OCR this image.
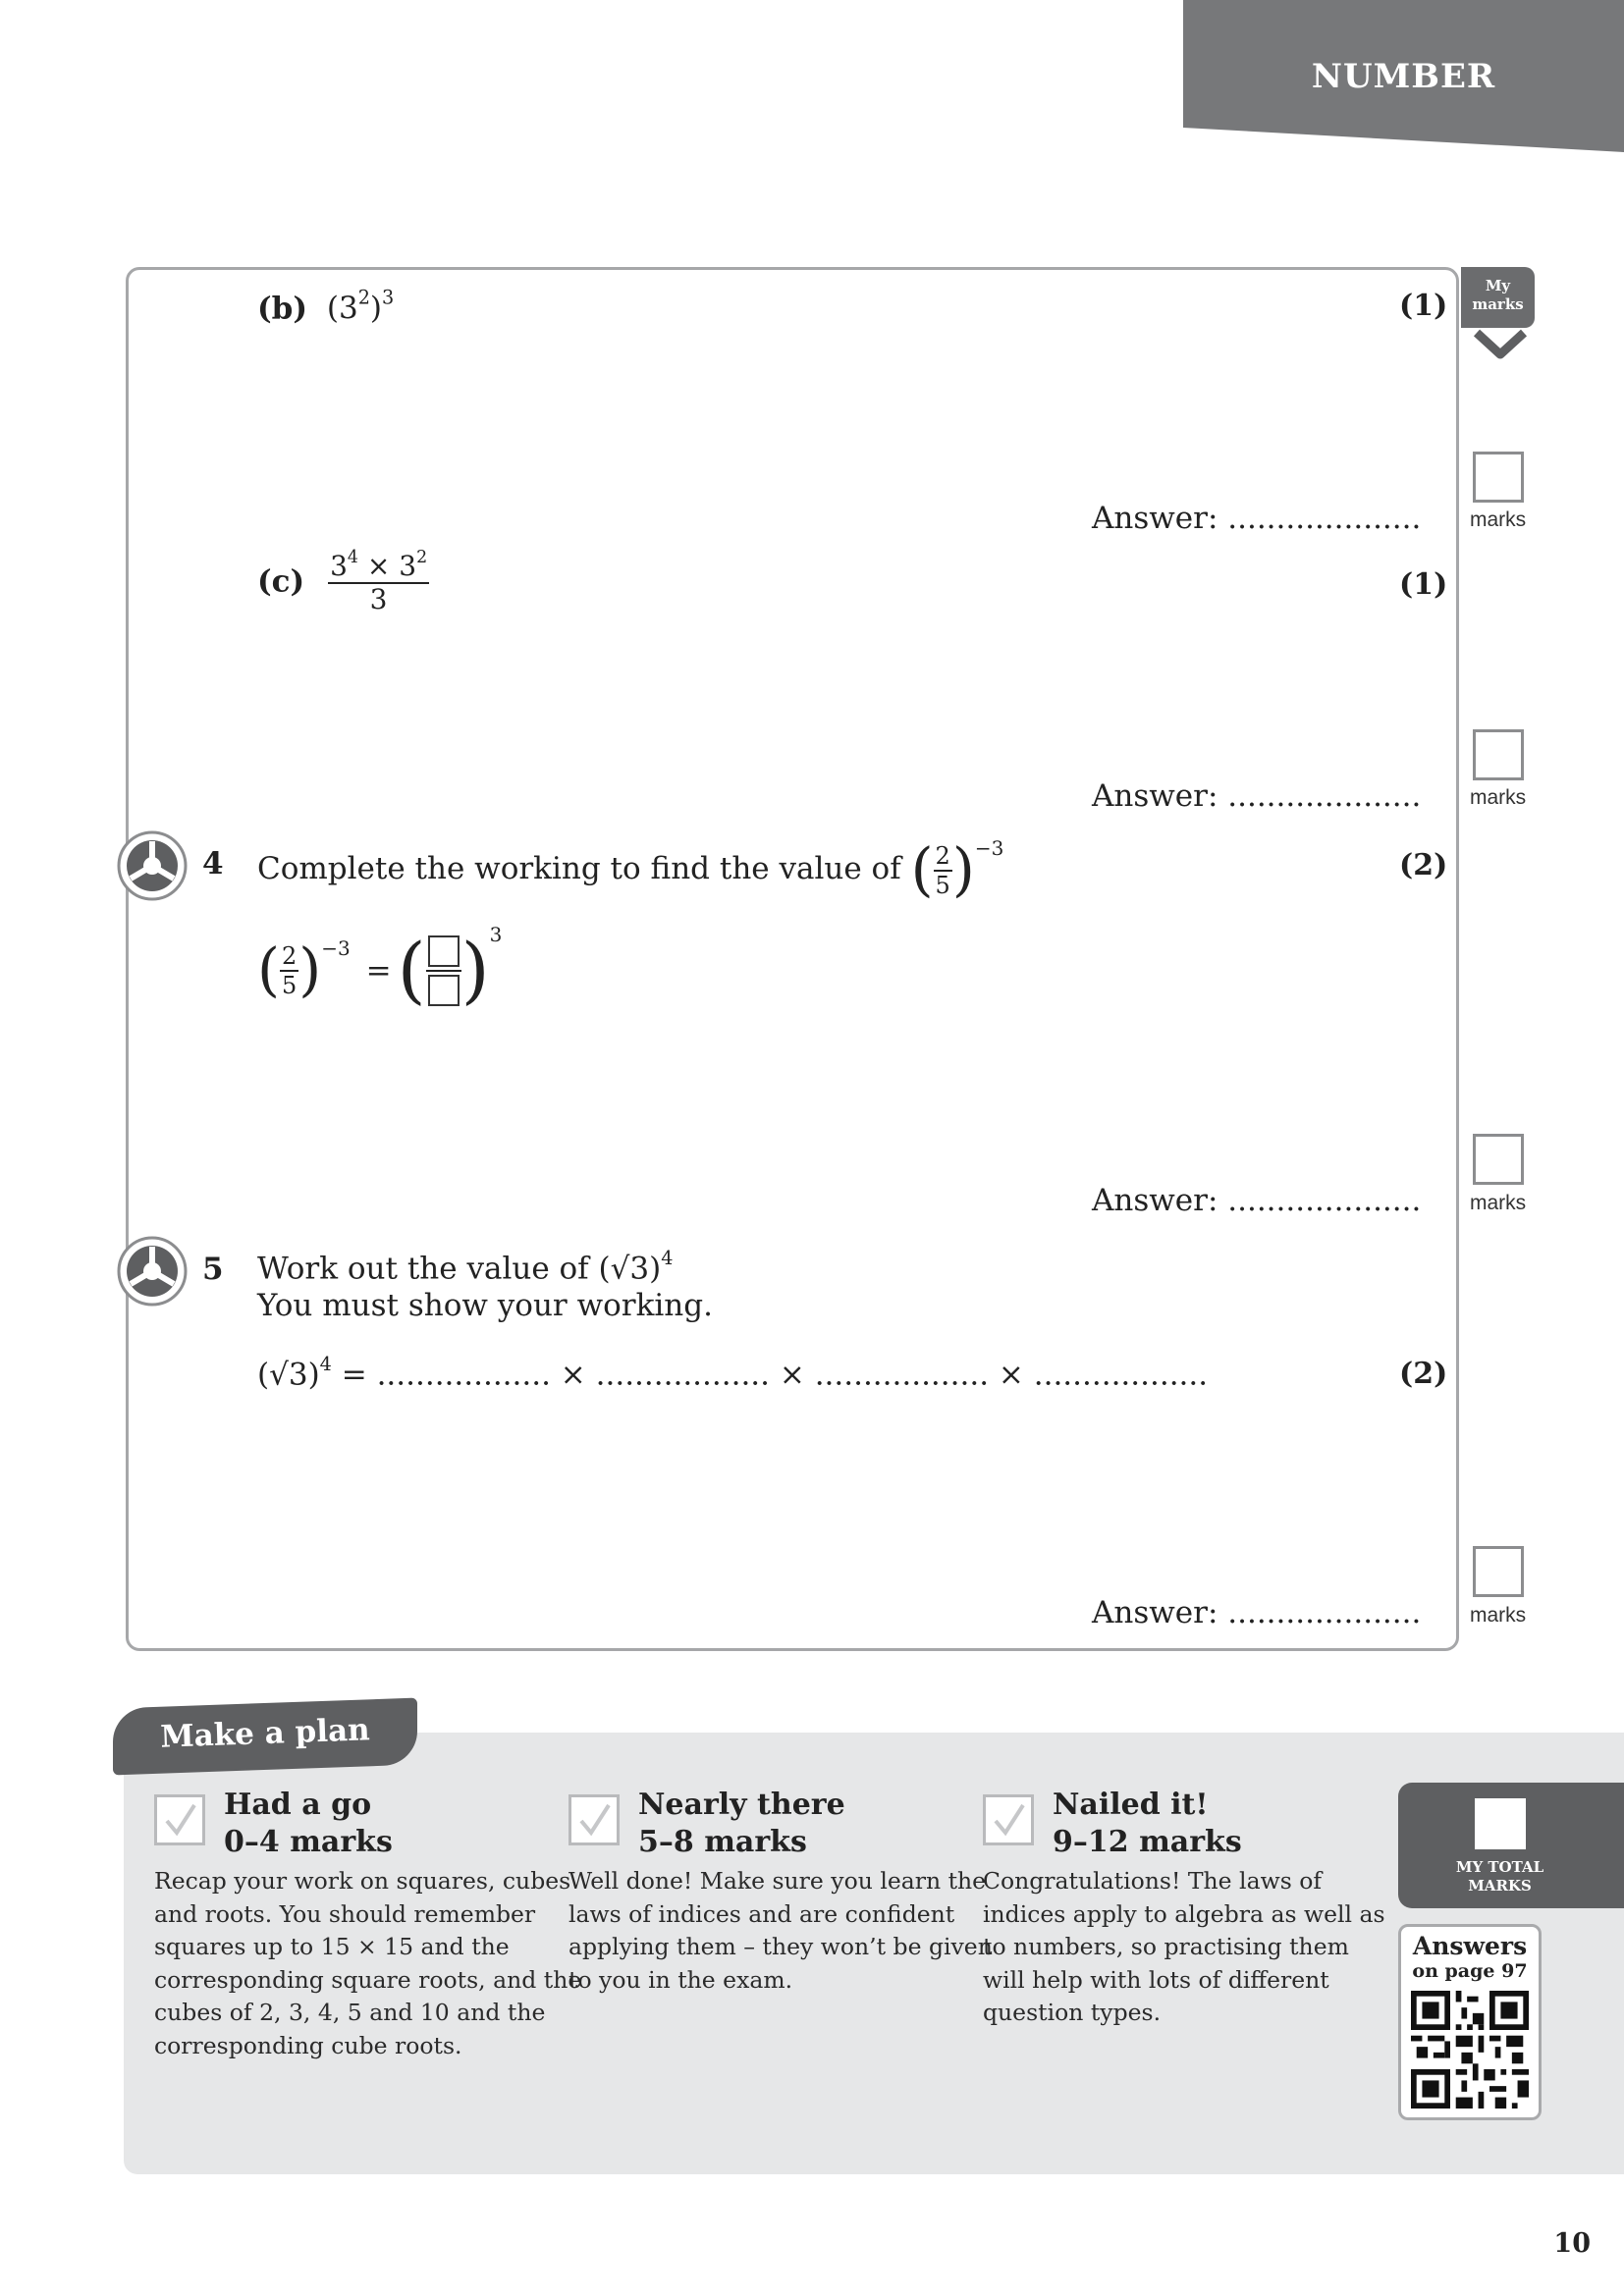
NUMBER
My
marks
(b) $(3^2)^3$	(1)
Answer: .................... marks
$(c) \frac{3^4 \times 3^2}{3}$	(1)
Answer: .................... marks
4 Complete the working to find the value of ( $\frac{2}{5} )^{-3}$	(2)
( $\frac{2}{5} )^{-3}$ =( )$^3$
Answer: .................... marks
5 Work out the value of $(√3)^4$
You must show your working.
$(√3)^4$ = .................. × .................. × .................. × ..................	(2)
Answer: .................... marks
Make a plan
Had a go
0–4 marks
Recap your work on squares, cubes
and roots. You should remember
squares up to 15 × 15 and the
corresponding square roots, and the
cubes of 2, 3, 4, 5 and 10 and the
corresponding cube roots.
Nearly there
5–8 marks
Well done! Make sure you learn the
laws of indices and are confident
applying them – they won’t be given
to you in the exam.
Nailed it!
9–12 marks
Congratulations! The laws of
indices apply to algebra as well as
to numbers, so practising them
will help with lots of different
question types.
MY TOTAL
MARKS
Answers
on page 97
10
